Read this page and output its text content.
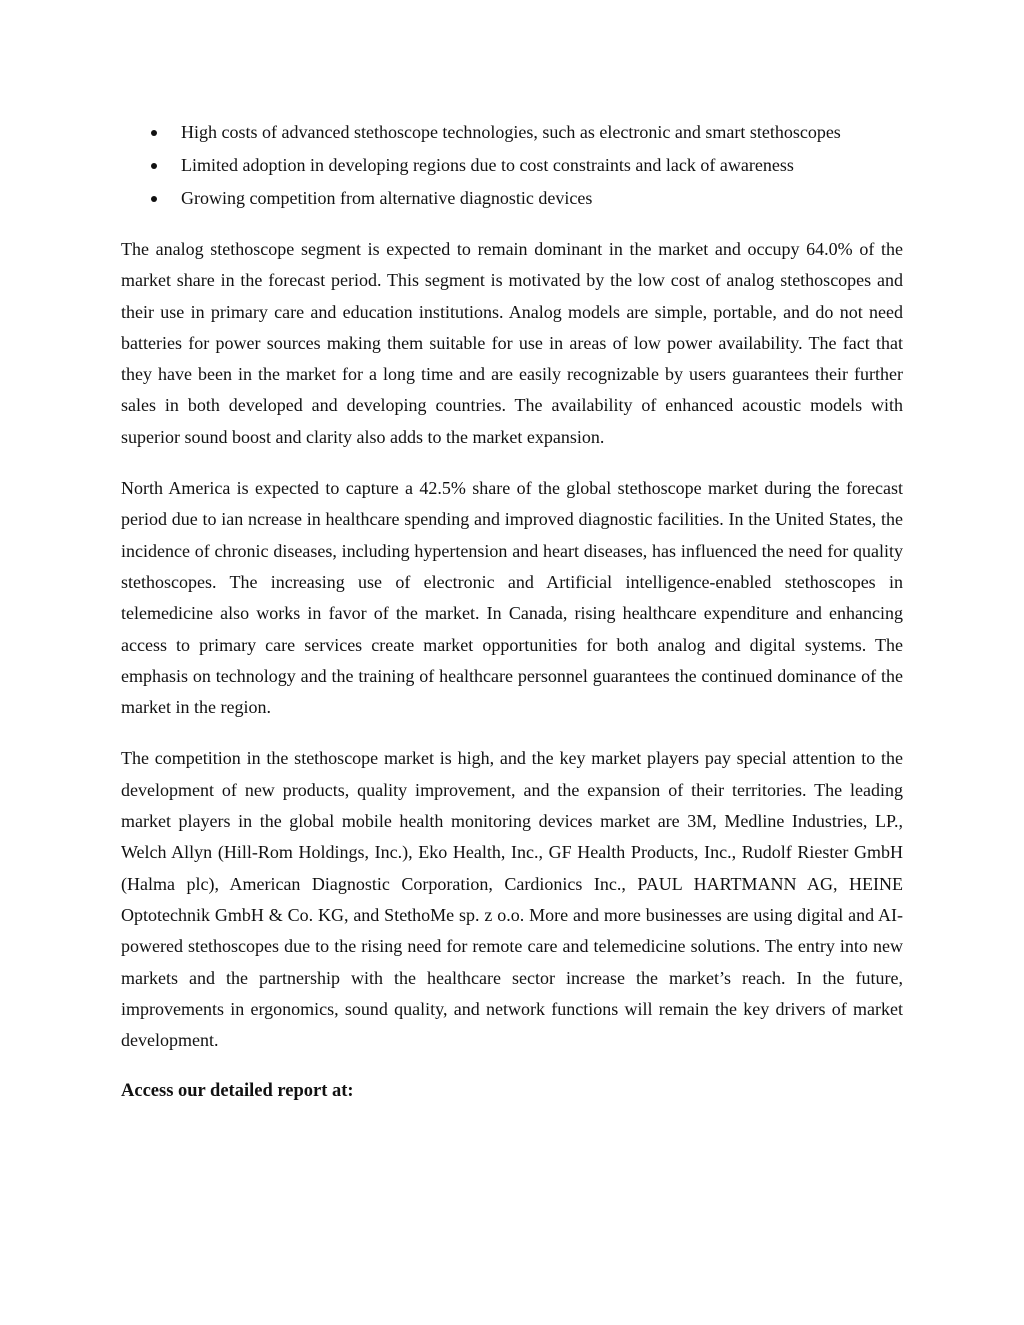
High costs of advanced stethoscope technologies, such as electronic and smart stethoscopes
Limited adoption in developing regions due to cost constraints and lack of awareness
Growing competition from alternative diagnostic devices

The analog stethoscope segment is expected to remain dominant in the market and occupy 64.0% of the market share in the forecast period. This segment is motivated by the low cost of analog stethoscopes and their use in primary care and education institutions. Analog models are simple, portable, and do not need batteries for power sources making them suitable for use in areas of low power availability. The fact that they have been in the market for a long time and are easily recognizable by users guarantees their further sales in both developed and developing countries. The availability of enhanced acoustic models with superior sound boost and clarity also adds to the market expansion.

North America is expected to capture a 42.5% share of the global stethoscope market during the forecast period due to ian ncrease in healthcare spending and improved diagnostic facilities. In the United States, the incidence of chronic diseases, including hypertension and heart diseases, has influenced the need for quality stethoscopes. The increasing use of electronic and Artificial intelligence-enabled stethoscopes in telemedicine also works in favor of the market. In Canada, rising healthcare expenditure and enhancing access to primary care services create market opportunities for both analog and digital systems. The emphasis on technology and the training of healthcare personnel guarantees the continued dominance of the market in the region.

The competition in the stethoscope market is high, and the key market players pay special attention to the development of new products, quality improvement, and the expansion of their territories. The leading market players in the global mobile health monitoring devices market are 3M, Medline Industries, LP., Welch Allyn (Hill-Rom Holdings, Inc.), Eko Health, Inc., GF Health Products, Inc., Rudolf Riester GmbH (Halma plc), American Diagnostic Corporation, Cardionics Inc., PAUL HARTMANN AG, HEINE Optotechnik GmbH & Co. KG, and StethoMe sp. z o.o. More and more businesses are using digital and AI-powered stethoscopes due to the rising need for remote care and telemedicine solutions. The entry into new markets and the partnership with the healthcare sector increase the market’s reach. In the future, improvements in ergonomics, sound quality, and network functions will remain the key drivers of market development.

Access our detailed report at:
